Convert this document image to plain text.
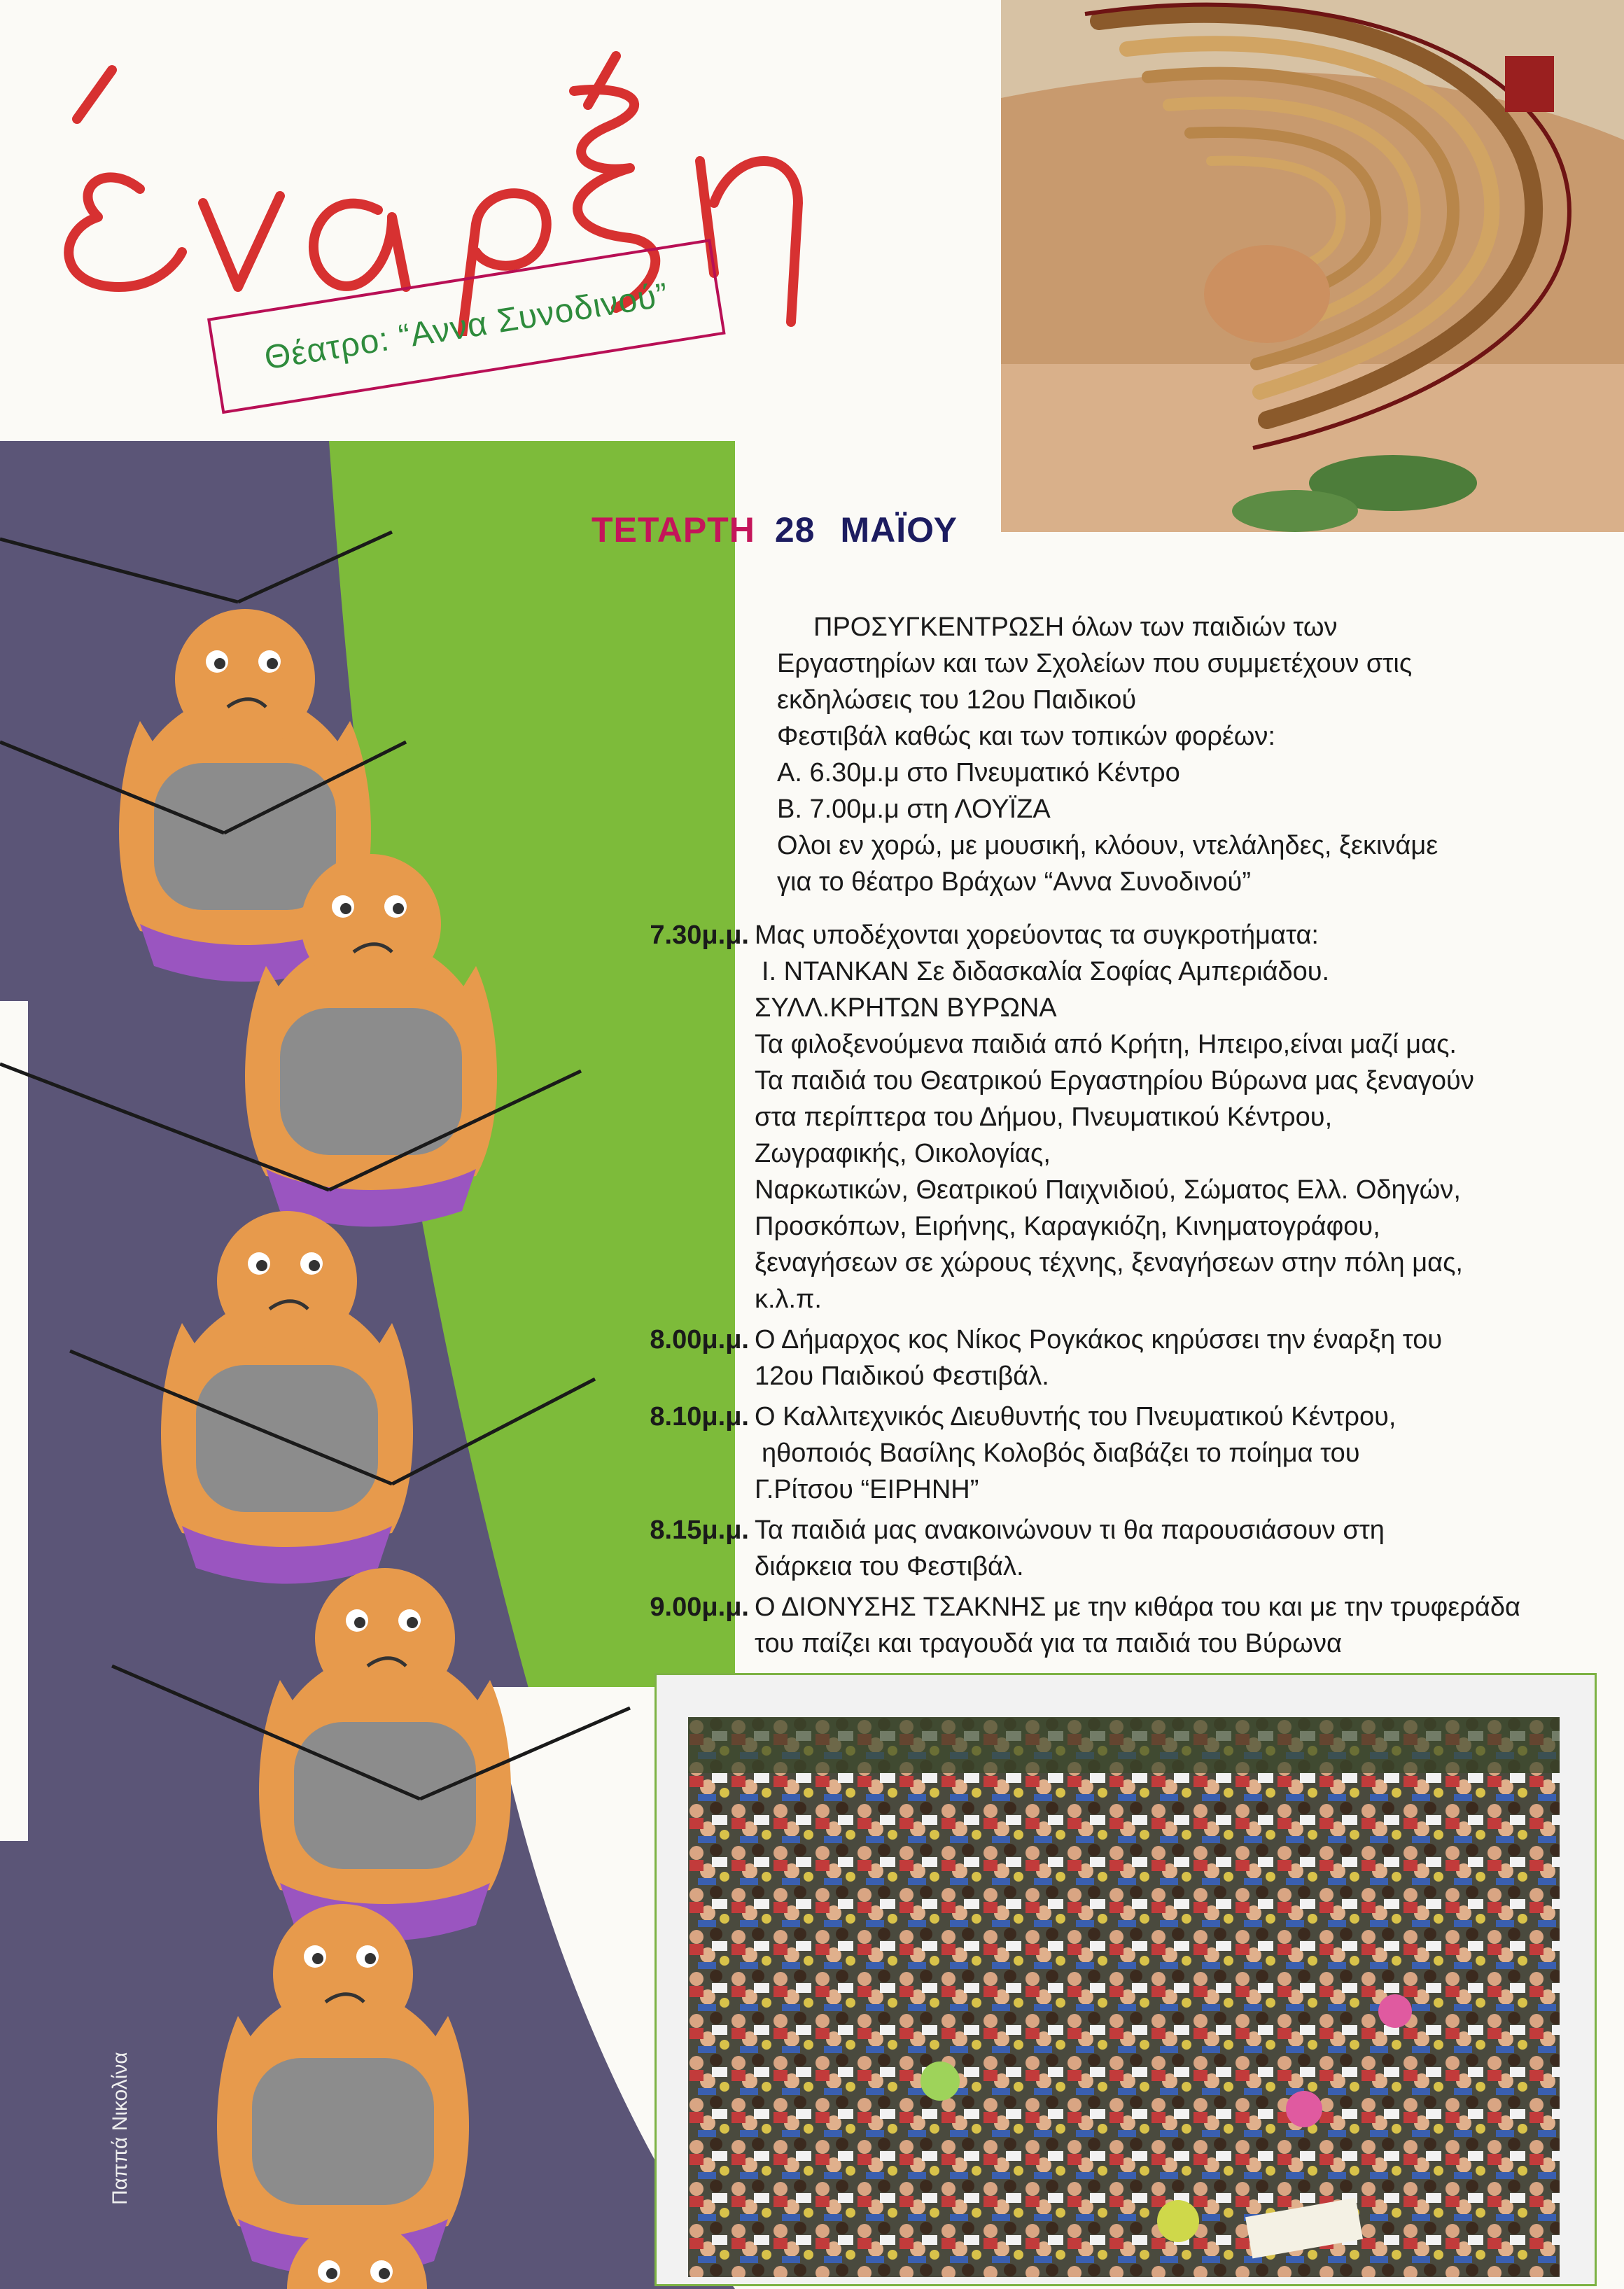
Θέατρο: “Αννα Συνοδινού”
Παππά Νικολίνα
ΤΕΤΑΡΤΗ 28 ΜΑΪΟΥ

ΠΡΟΣΥΓΚΕΝΤΡΩΣΗ όλων των παιδιών των

Εργαστηρίων και των Σχολείων που συμμετέχουν στις

εκδηλώσεις του 12ου Παιδικού

Φεστιβάλ καθώς και των τοπικών φορέων:

Α. 6.30μ.μ στο Πνευματικό Κέντρο

Β. 7.00μ.μ στη ΛΟΥΪΖΑ

Ολοι εν χορώ, με μουσική, κλόουν, ντελάληδες, ξεκινάμε

για το θέατρο Βράχων “Αννα Συνοδινού”

7.30μ.μ. Μας υποδέχονται χορεύοντας τα συγκροτήματα:

Ι. ΝΤΑΝΚΑΝ Σε διδασκαλία Σοφίας Αμπεριάδου.

ΣΥΛΛ.ΚΡΗΤΩΝ ΒΥΡΩΝΑ

Τα φιλοξενούμενα παιδιά από Κρήτη, Ηπειρο,είναι μαζί μας.

Τα παιδιά του Θεατρικού Εργαστηρίου Βύρωνα μας ξεναγούν

στα περίπτερα του Δήμου, Πνευματικού Κέντρου,

Ζωγραφικής, Οικολογίας,

Ναρκωτικών, Θεατρικού Παιχνιδιού, Σώματος Ελλ. Οδηγών,

Προσκόπων, Ειρήνης, Καραγκιόζη, Κινηματογράφου,

ξεναγήσεων σε χώρους τέχνης, ξεναγήσεων στην πόλη μας,

κ.λ.π.

8.00μ.μ. Ο Δήμαρχος κος Νίκος Ρογκάκος κηρύσσει την έναρξη του

12ου Παιδικού Φεστιβάλ.

8.10μ.μ. Ο Καλλιτεχνικός Διευθυντής του Πνευματικού Κέντρου,

ηθοποιός Βασίλης Κολοβός διαβάζει το ποίημα του

Γ.Ρίτσου “ΕΙΡΗΝΗ”

8.15μ.μ. Τα παιδιά μας ανακοινώνουν τι θα παρουσιάσουν στη

διάρκεια του Φεστιβάλ.

9.00μ.μ. Ο ΔΙΟΝΥΣΗΣ ΤΣΑΚΝΗΣ με την κιθάρα του και με την τρυφεράδα

του παίζει και τραγουδά για τα παιδιά του Βύρωνα
